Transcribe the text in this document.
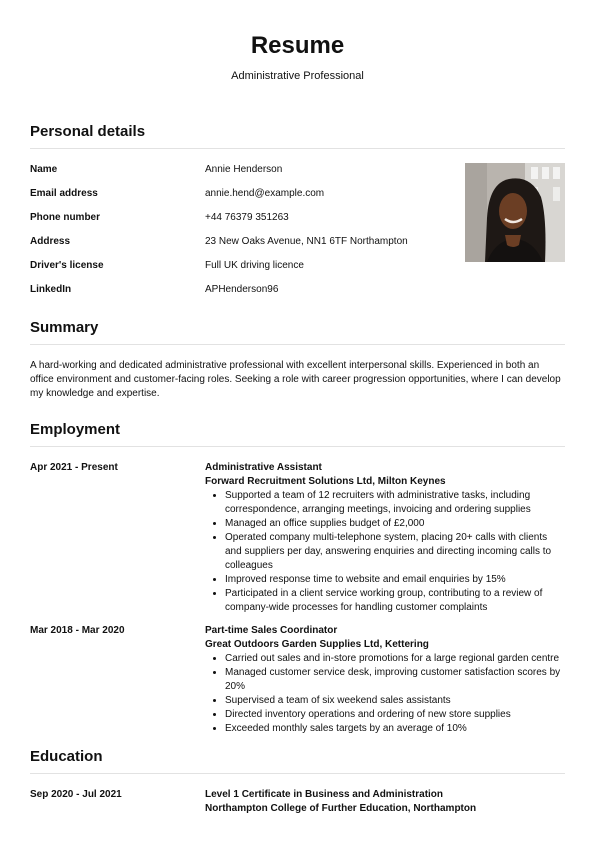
Resume
Administrative Professional
Personal details
Name	Annie Henderson
Email address	annie.hend@example.com
Phone number	+44 76379 351263
Address	23 New Oaks Avenue, NN1 6TF Northampton
Driver's license	Full UK driving licence
LinkedIn	APHenderson96
Summary
A hard-working and dedicated administrative professional with excellent interpersonal skills. Experienced in both an office environment and customer-facing roles. Seeking a role with career progression opportunities, where I can develop my knowledge and expertise.
Employment
Apr 2021 - Present	Administrative Assistant
Forward Recruitment Solutions Ltd, Milton Keynes
• Supported a team of 12 recruiters with administrative tasks, including correspondence, arranging meetings, invoicing and ordering supplies
• Managed an office supplies budget of £2,000
• Operated company multi-telephone system, placing 20+ calls with clients and suppliers per day, answering enquiries and directing incoming calls to colleagues
• Improved response time to website and email enquiries by 15%
• Participated in a client service working group, contributing to a review of company-wide processes for handling customer complaints
Mar 2018 - Mar 2020	Part-time Sales Coordinator
Great Outdoors Garden Supplies Ltd, Kettering
• Carried out sales and in-store promotions for a large regional garden centre
• Managed customer service desk, improving customer satisfaction scores by 20%
• Supervised a team of six weekend sales assistants
• Directed inventory operations and ordering of new store supplies
• Exceeded monthly sales targets by an average of 10%
Education
Sep 2020 - Jul 2021	Level 1 Certificate in Business and Administration
Northampton College of Further Education, Northampton
